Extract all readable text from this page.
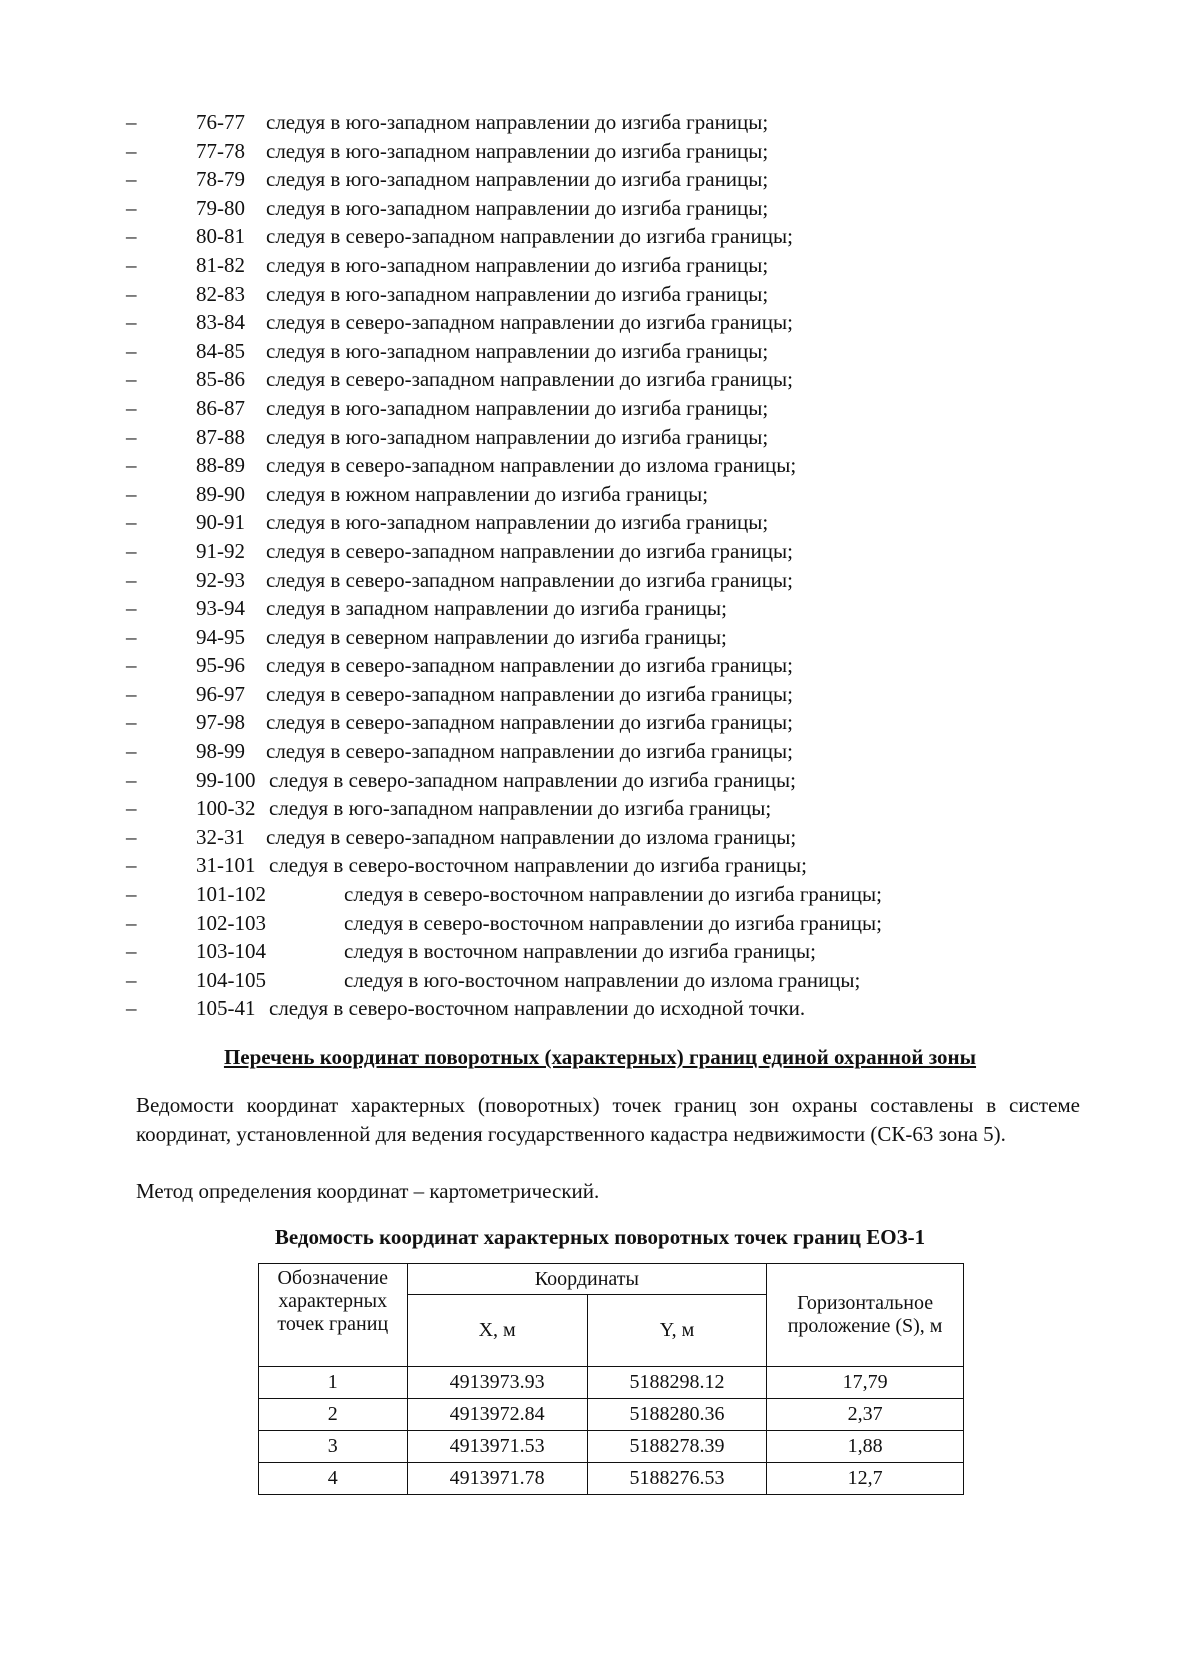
–	76-77 следуя в юго-западном направлении до изгиба границы;
–	77-78 следуя в юго-западном направлении до изгиба границы;
–	78-79 следуя в юго-западном направлении до изгиба границы;
–	79-80 следуя в юго-западном направлении до изгиба границы;
–	80-81 следуя в северо-западном направлении до изгиба границы;
–	81-82 следуя в юго-западном направлении до изгиба границы;
–	82-83 следуя в юго-западном направлении до изгиба границы;
–	83-84 следуя в северо-западном направлении до изгиба границы;
–	84-85 следуя в юго-западном направлении до изгиба границы;
–	85-86 следуя в северо-западном направлении до изгиба границы;
–	86-87 следуя в юго-западном направлении до изгиба границы;
–	87-88 следуя в юго-западном направлении до изгиба границы;
–	88-89 следуя в северо-западном направлении до излома границы;
–	89-90 следуя в южном направлении до изгиба границы;
–	90-91 следуя в юго-западном направлении до изгиба границы;
–	91-92 следуя в северо-западном направлении до изгиба границы;
–	92-93 следуя в северо-западном направлении до изгиба границы;
–	93-94 следуя в западном направлении до изгиба границы;
–	94-95 следуя в северном направлении до изгиба границы;
–	95-96 следуя в северо-западном направлении до изгиба границы;
–	96-97 следуя в северо-западном направлении до изгиба границы;
–	97-98 следуя в северо-западном направлении до изгиба границы;
–	98-99 следуя в северо-западном направлении до изгиба границы;
–	99-100 следуя в северо-западном направлении до изгиба границы;
–	100-32 следуя в юго-западном направлении до изгиба границы;
–	32-31 следуя в северо-западном направлении до излома границы;
–	31-101 следуя в северо-восточном направлении до изгиба границы;
–	101-102	следуя в северо-восточном направлении до изгиба границы;
–	102-103	следуя в северо-восточном направлении до изгиба границы;
–	103-104	следуя в восточном направлении до изгиба границы;
–	104-105	следуя в юго-восточном направлении до излома границы;
–	105-41 следуя в северо-восточном направлении до исходной точки.
Перечень координат поворотных (характерных) границ единой охранной зоны

Ведомости координат характерных (поворотных) точек границ зон охраны составлены в системе координат, установленной для ведения государственного кадастра недвижимости (СК-63 зона 5).

Метод определения координат – картометрический.

Ведомость координат характерных поворотных точек границ ЕОЗ-1
Обозначение характерных точек границ	Координаты		Горизонтальное проложение (S), м
	X, м	Y, м	
1	4913973.93	5188298.12	17,79
2	4913972.84	5188280.36	2,37
3	4913971.53	5188278.39	1,88
4	4913971.78	5188276.53	12,7
